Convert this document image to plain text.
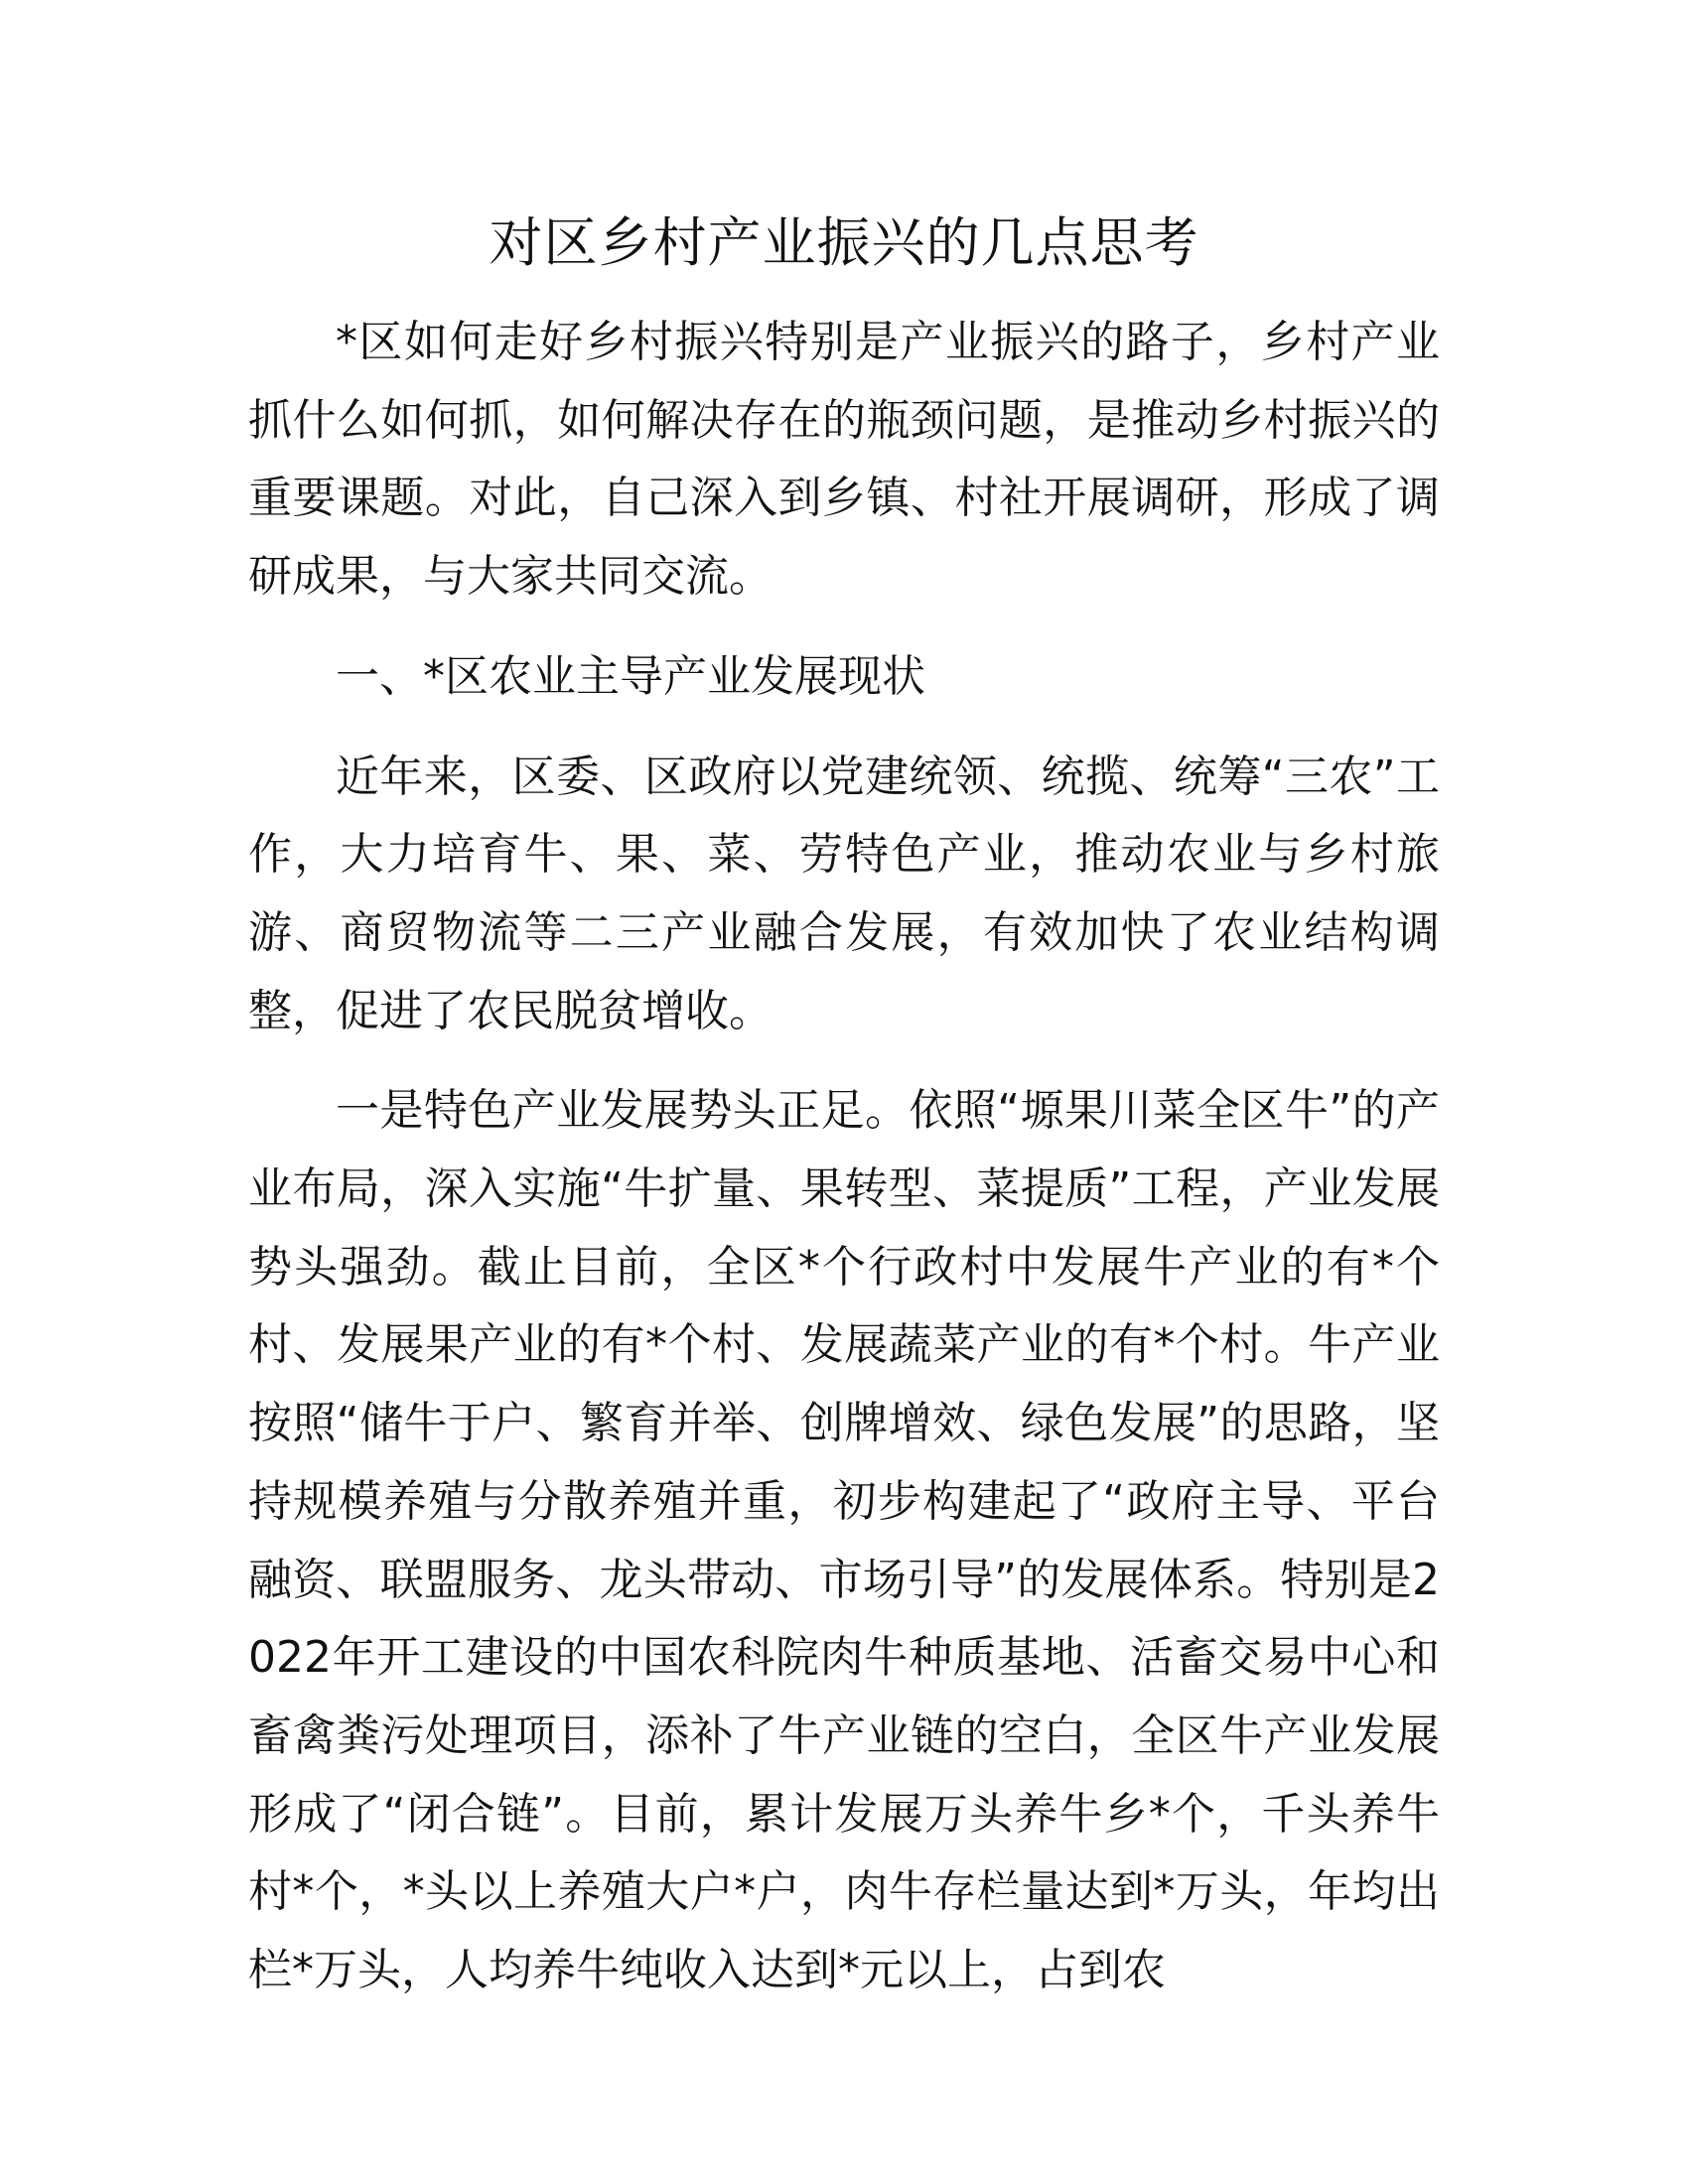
对区乡村产业振兴的几点思考

*区如何走好乡村振兴特别是产业振兴的路子，乡村产业抓什么如何抓，如何解决存在的瓶颈问题，是推动乡村振兴的重要课题。对此，自己深入到乡镇、村社开展调研，形成了调研成果，与大家共同交流。

一、*区农业主导产业发展现状

近年来，区委、区政府以党建统领、统揽、统筹“三农”工作，大力培育牛、果、菜、劳特色产业，推动农业与乡村旅游、商贸物流等二三产业融合发展，有效加快了农业结构调整，促进了农民脱贫增收。

一是特色产业发展势头正足。依照“塬果川菜全区牛”的产业布局，深入实施“牛扩量、果转型、菜提质”工程，产业发展势头强劲。截止目前，全区*个行政村中发展牛产业的有*个村、发展果产业的有*个村、发展蔬菜产业的有*个村。牛产业按照“储牛于户、繁育并举、创牌增效、绿色发展”的思路，坚持规模养殖与分散养殖并重，初步构建起了“政府主导、平台融资、联盟服务、龙头带动、市场引导”的发展体系。特别是2022年开工建设的中国农科院肉牛种质基地、活畜交易中心和畜禽粪污处理项目，添补了牛产业链的空白，全区牛产业发展形成了“闭合链”。目前，累计发展万头养牛乡*个，千头养牛村*个，*头以上养殖大户*户，肉牛存栏量达到*万头，年均出栏*万头，人均养牛纯收入达到*元以上，占到农
